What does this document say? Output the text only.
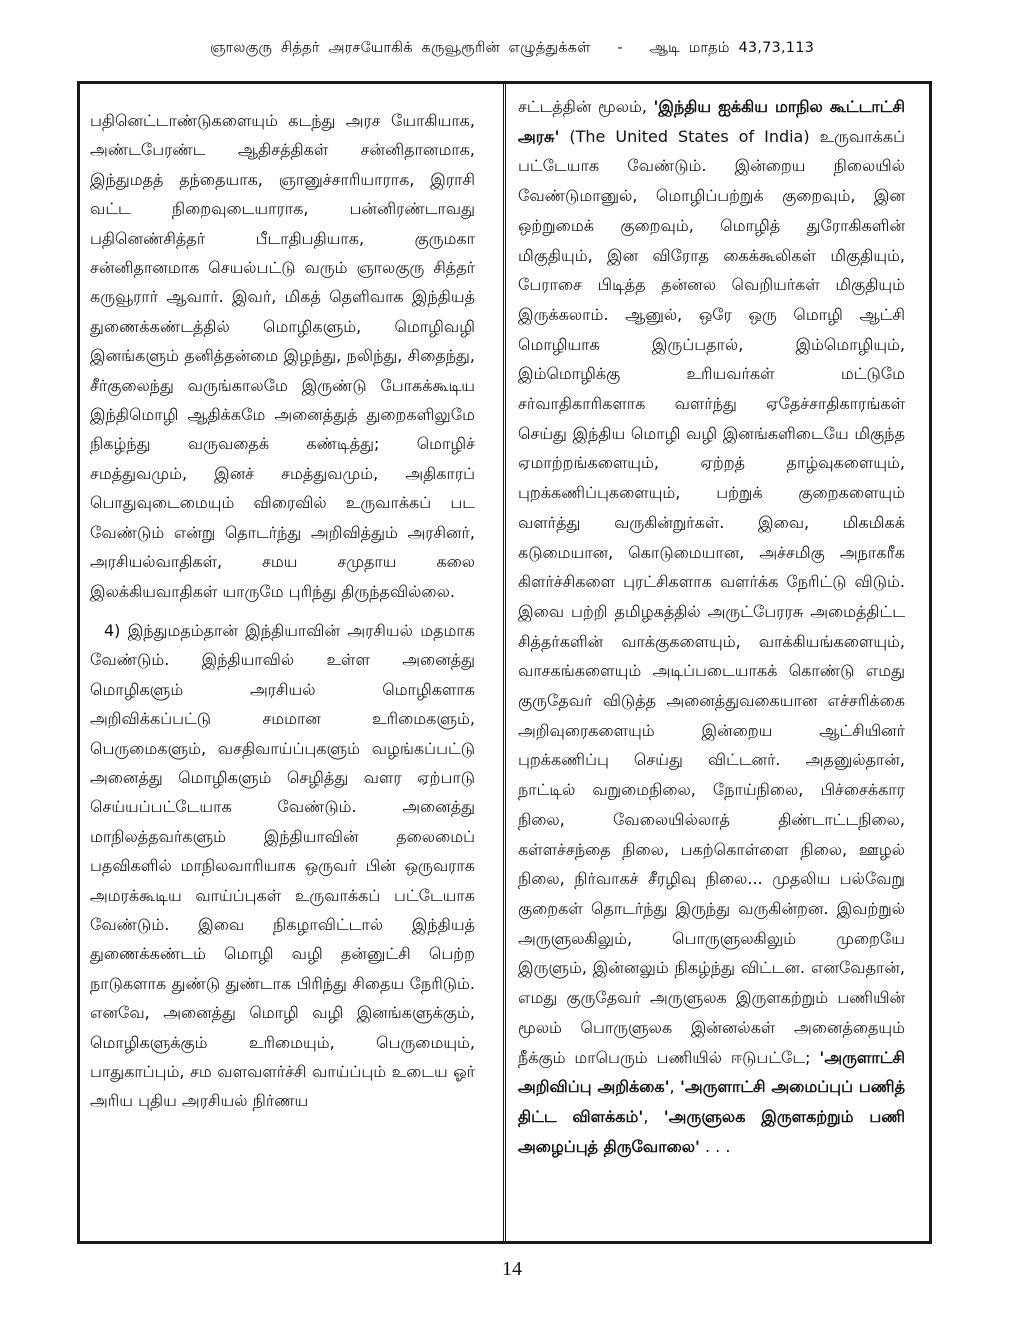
ஞாலகுரு சித்தர் அரசயோகிக் கருவூரூரின் எழுத்துக்கள் - ஆடி மாதம் 43,73,113

பதினெட்டாண்டுகளையும் கடந்து அரச யோகியாக, அண்டபேரண்ட ஆதிசத்திகள் சன்னிதானமாக, இந்துமதத் தந்தையாக, ஞானுச்சாரியாராக, இராசி வட்ட நிறைவுடையாராக, பன்னிரண்டாவது பதினெண்சித்தர் பீடாதிபதியாக, குருமகா சன்னிதானமாக செயல்பட்டு வரும் ஞாலகுரு சித்தர் கருவூரார் ஆவார். இவர், மிகத் தெளிவாக இந்தியத் துணைக்கண்டத்தில் மொழிகளும், மொழிவழி இனங்களும் தனித்தன்மை இழந்து, நலிந்து, சிதைந்து, சீர்குலைந்து வருங்காலமே இருண்டு போகக்கூடிய இந்திமொழி ஆதிக்கமே அனைத்துத் துறைகளிலுமே நிகழ்ந்து வருவதைக் கண்டித்து; மொழிச் சமத்துவமும், இனச் சமத்துவமும், அதிகாரப் பொதுவுடைமையும் விரைவில் உருவாக்கப் பட வேண்டும் என்று தொடர்ந்து அறிவித்தும் அரசினர், அரசியல்வாதிகள், சமய சமுதாய கலை இலக்கியவாதிகள் யாருமே புரிந்து திருந்தவில்லை.

4) இந்துமதம்தான் இந்தியாவின் அரசியல் மதமாக வேண்டும். இந்தியாவில் உள்ள அனைத்து மொழிகளும் அரசியல் மொழிகளாக அறிவிக்கப்பட்டு சமமான உரிமைகளும், பெருமைகளும், வசதிவாய்ப்புகளும் வழங்கப்பட்டு அனைத்து மொழிகளும் செழித்து வளர ஏற்பாடு செய்யப்பட்டேயாக வேண்டும். அனைத்து மாநிலத்தவர்களும் இந்தியாவின் தலைமைப் பதவிகளில் மாநிலவாரியாக ஒருவர் பின் ஒருவராக அமரக்கூடிய வாய்ப்புகள் உருவாக்கப் பட்டேயாக வேண்டும். இவை நிகழாவிட்டால் இந்தியத் துணைக்கண்டம் மொழி வழி தன்னுட்சி பெற்ற நாடுகளாக துண்டு துண்டாக பிரிந்து சிதைய நேரிடும். எனவே, அனைத்து மொழி வழி இனங்களுக்கும், மொழிகளுக்கும் உரிமையும், பெருமையும், பாதுகாப்பும், சம வளவளர்ச்சி வாய்ப்பும் உடைய ஓர் அரிய புதிய அரசியல் நிர்ணய

சட்டத்தின் மூலம், 'இந்திய ஐக்கிய மாநில கூட்டாட்சி அரசு' (The United States of India) உருவாக்கப் பட்டேயாக வேண்டும். இன்றைய நிலையில் வேண்டுமானுல், மொழிப்பற்றுக் குறைவும், இன ஒற்றுமைக் குறைவும், மொழித் துரோகிகளின் மிகுதியும், இன விரோத கைக்கூலிகள் மிகுதியும், பேராசை பிடித்த தன்னல வெறியர்கள் மிகுதியும் இருக்கலாம். ஆனுல், ஒரே ஒரு மொழி ஆட்சி மொழியாக இருப்பதால், இம்மொழியும், இம்மொழிக்கு உரியவர்கள் மட்டுமே சர்வாதிகாரிகளாக வளர்ந்து ஏதேச்சாதிகாரங்கள் செய்து இந்திய மொழி வழி இனங்களிடையே மிகுந்த ஏமாற்றங்களையும், ஏற்றத் தாழ்வுகளையும், புறக்கணிப்புகளையும், பற்றுக் குறைகளையும் வளர்த்து வருகின்றுர்கள். இவை, மிகமிகக் கடுமையான, கொடுமையான, அச்சமிகு அநாகரீக கிளர்ச்சிகளை புரட்சிகளாக வளர்க்க நேரிட்டு விடும். இவை பற்றி தமிழகத்தில் அருட்பேரரசு அமைத்திட்ட சித்தர்களின் வாக்குகளையும், வாக்கியங்களையும், வாசகங்களையும் அடிப்படையாகக் கொண்டு எமது குருதேவர் விடுத்த அனைத்துவகையான எச்சரிக்கை அறிவுரைகளையும் இன்றைய ஆட்சியினர் புறக்கணிப்பு செய்து விட்டனர். அதனுல்தான், நாட்டில் வறுமைநிலை, நோய்நிலை, பிச்சைக்கார நிலை, வேலையில்லாத் திண்டாட்டநிலை, கள்ளச்சந்தை நிலை, பகற்கொள்ளை நிலை, ஊழல் நிலை, நிர்வாகச் சீரழிவு நிலை... முதலிய பல்வேறு குறைகள் தொடர்ந்து இருந்து வருகின்றன. இவற்றுல் அருளுலகிலும், பொருளுலகிலும் முறையே இருளும், இன்னலும் நிகழ்ந்து விட்டன. எனவேதான், எமது குருதேவர் அருளுலக இருளகற்றும் பணியின் மூலம் பொருளுலக இன்னல்கள் அனைத்தையும் நீக்கும் மாபெரும் பணியில் ஈடுபட்டே; 'அருளாட்சி அறிவிப்பு அறிக்கை', 'அருளாட்சி அமைப்புப் பணித் திட்ட விளக்கம்', 'அருளுலக இருளகற்றும் பணி அழைப்புத் திருவோலை' . . .

14
